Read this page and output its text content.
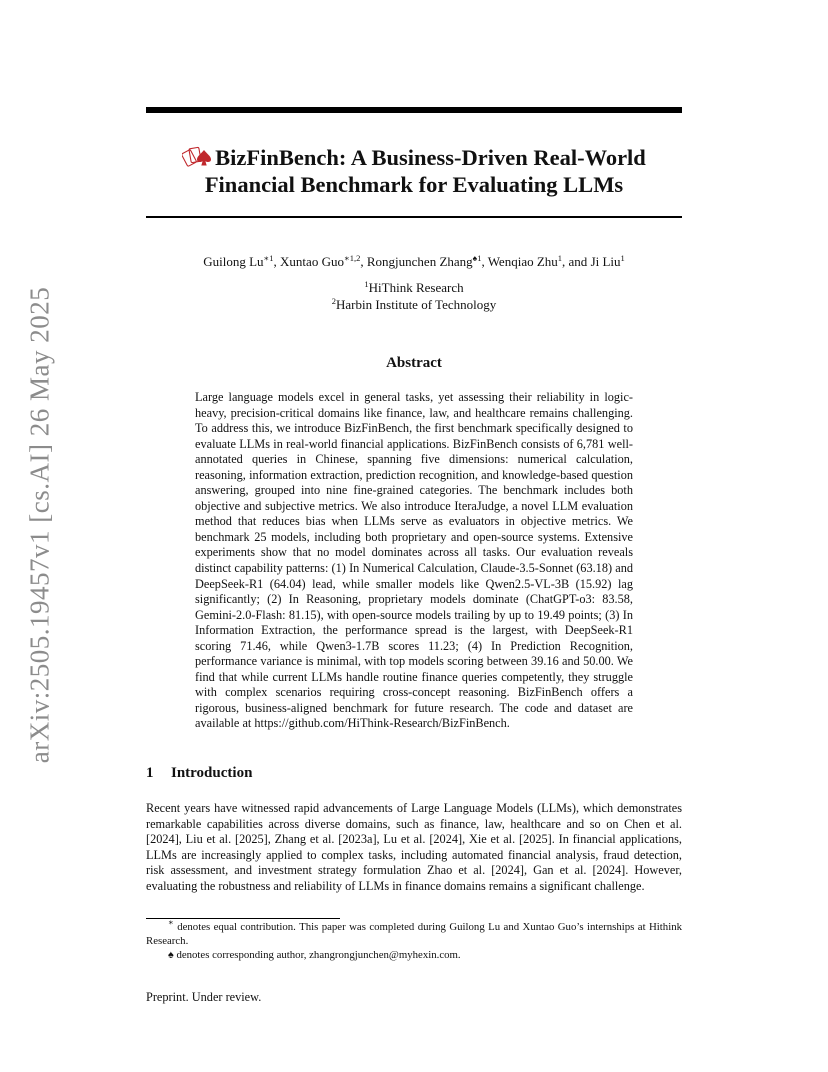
arXiv:2505.19457v1 [cs.AI] 26 May 2025
BizFinBench: A Business-Driven Real-World
Financial Benchmark for Evaluating LLMs
Guilong $Lu^{∗1}$, Xuntao Guo$^{∗1,2}$, Rongjunchen Zhang$^{♠1}$, Wenqiao Zhu$^1$, and Ji Liu$^1$
$^1$HiThink Research
$^2$Harbin Institute of Technology
Abstract
Large language models excel in general tasks, yet assessing their reliability in logic-heavy, precision-critical domains like finance, law, and healthcare remains challenging. To address this, we introduce BizFinBench, the first benchmark specifically designed to evaluate LLMs in real-world financial applications. BizFinBench consists of 6,781 well-annotated queries in Chinese, spanning five dimensions: numerical calculation, reasoning, information extraction, prediction recognition, and knowledge-based question answering, grouped into nine fine-grained categories. The benchmark includes both objective and subjective metrics. We also introduce IteraJudge, a novel LLM evaluation method that reduces bias when LLMs serve as evaluators in objective metrics. We benchmark 25 models, including both proprietary and open-source systems. Extensive experiments show that no model dominates across all tasks. Our evaluation reveals distinct capability patterns: (1) In Numerical Calculation, Claude-3.5-Sonnet (63.18) and DeepSeek-R1 (64.04) lead, while smaller models like Qwen2.5-VL-3B (15.92) lag significantly; (2) In Reasoning, proprietary models dominate (ChatGPT-o3: 83.58, Gemini-2.0-Flash: 81.15), with open-source models trailing by up to 19.49 points; (3) In Information Extraction, the performance spread is the largest, with DeepSeek-R1 scoring 71.46, while Qwen3-1.7B scores 11.23; (4) In Prediction Recognition, performance variance is minimal, with top models scoring between 39.16 and 50.00. We find that while current LLMs handle routine finance queries competently, they struggle with complex scenarios requiring cross-concept reasoning. BizFinBench offers a rigorous, business-aligned benchmark for future research. The code and dataset are available at https://github.com/HiThink-Research/BizFinBench.
1 Introduction
Recent years have witnessed rapid advancements of Large Language Models (LLMs), which demonstrates remarkable capabilities across diverse domains, such as finance, law, healthcare and so on Chen et al. [2024], Liu et al. [2025], Zhang et al. [2023a], Lu et al. [2024], Xie et al. [2025]. In financial applications, LLMs are increasingly applied to complex tasks, including automated financial analysis, fraud detection, risk assessment, and investment strategy formulation Zhao et al. [2024], Gan et al. [2024]. However, evaluating the robustness and reliability of LLMs in finance domains remains a significant challenge.

∗ denotes equal contribution. This paper was completed during Guilong Lu and Xuntao Guo’s internships at Hithink Research.

♠ denotes corresponding author, zhangrongjunchen@myhexin.com.

Preprint. Under review.
